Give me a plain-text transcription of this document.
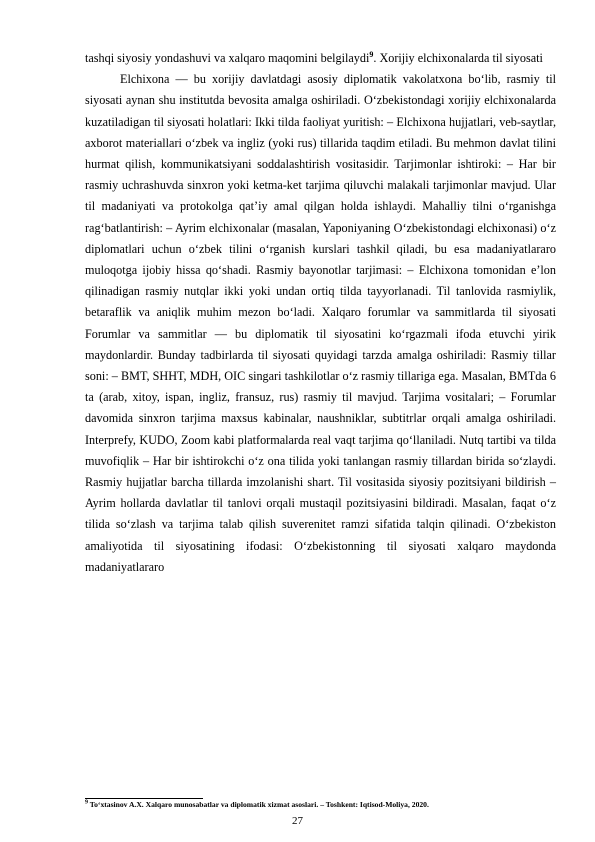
tashqi siyosiy yondashuvi va xalqaro maqomini belgilaydi$^9$. Xorijiy elchixonalarda til siyosati

Elchixona — bu xorijiy davlatdagi asosiy diplomatik vakolatxona bo‘lib, rasmiy til siyosati aynan shu institutda bevosita amalga oshiriladi. O‘zbekistondagi xorijiy elchixonalarda kuzatiladigan til siyosati holatlari: Ikki tilda faoliyat yuritish: – Elchixona hujjatlari, veb-saytlar, axborot materiallari o‘zbek va ingliz (yoki rus) tillarida taqdim etiladi. Bu mehmon davlat tilini hurmat qilish, kommunikatsiyani soddalashtirish vositasidir. Tarjimonlar ishtiroki: – Har bir rasmiy uchrashuvda sinxron yoki ketma-ket tarjima qiluvchi malakali tarjimonlar mavjud. Ular til madaniyati va protokolga qat’iy amal qilgan holda ishlaydi. Mahalliy tilni o‘rganishga rag‘batlantirish: – Ayrim elchixonalar (masalan, Yaponiyaning O‘zbekistondagi elchixonasi) o‘z diplomatlari uchun o‘zbek tilini o‘rganish kurslari tashkil qiladi, bu esa madaniyatlararo muloqotga ijobiy hissa qo‘shadi. Rasmiy bayonotlar tarjimasi: – Elchixona tomonidan e’lon qilinadigan rasmiy nutqlar ikki yoki undan ortiq tilda tayyorlanadi. Til tanlovida rasmiylik, betaraflik va aniqlik muhim mezon bo‘ladi. Xalqaro forumlar va sammitlarda til siyosati Forumlar va sammitlar — bu diplomatik til siyosatini ko‘rgazmali ifoda etuvchi yirik maydonlardir. Bunday tadbirlarda til siyosati quyidagi tarzda amalga oshiriladi: Rasmiy tillar soni: – BMT, SHHT, MDH, OIC singari tashkilotlar o‘z rasmiy tillariga ega. Masalan, BMTda 6 ta (arab, xitoy, ispan, ingliz, fransuz, rus) rasmiy til mavjud. Tarjima vositalari; – Forumlar davomida sinxron tarjima maxsus kabinalar, naushniklar, subtitrlar orqali amalga oshiriladi. Interprefy, KUDO, Zoom kabi platformalarda real vaqt tarjima qo‘llaniladi. Nutq tartibi va tilda muvofiqlik – Har bir ishtirokchi o‘z ona tilida yoki tanlangan rasmiy tillardan birida so‘zlaydi. Rasmiy hujjatlar barcha tillarda imzolanishi shart. Til vositasida siyosiy pozitsiyani bildirish – Ayrim hollarda davlatlar til tanlovi orqali mustaqil pozitsiyasini bildiradi. Masalan, faqat o‘z tilida so‘zlash va tarjima talab qilish suverenitet ramzi sifatida talqin qilinadi. O‘zbekiston amaliyotida til siyosatining ifodasi: O‘zbekistonning til siyosati xalqaro maydonda madaniyatlararo

$^9$ To‘xtasinov A.X. Xalqaro munosabatlar va diplomatik xizmat asoslari. – Toshkent: Iqtisod-Moliya, 2020.
27
